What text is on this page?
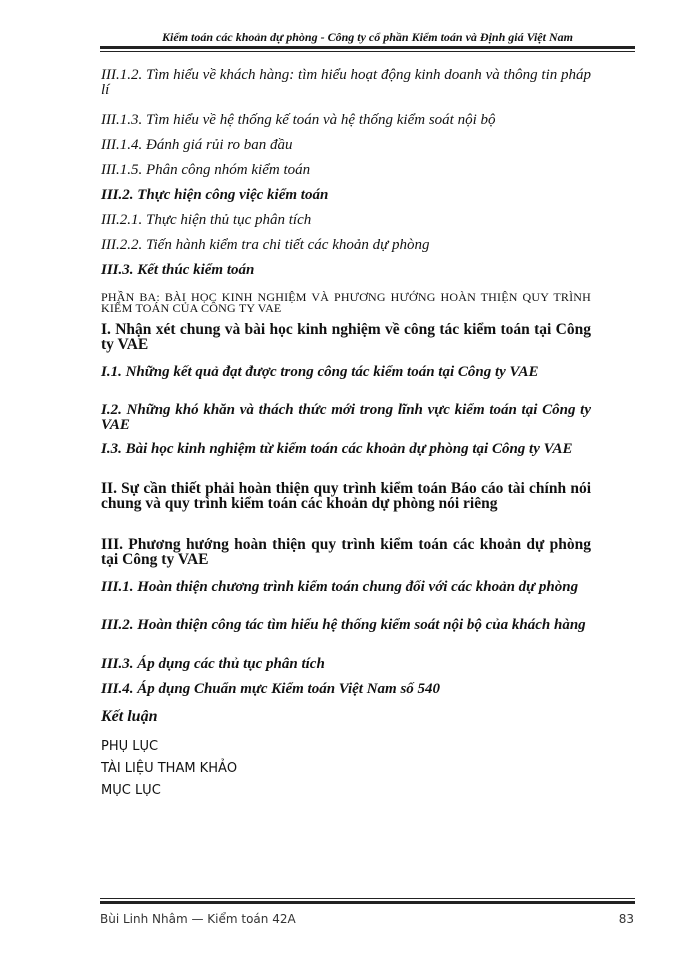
Kiểm toán các khoản dự phòng - Công ty cổ phần Kiểm toán và Định giá Việt Nam
III.1.2. Tìm hiểu về khách hàng: tìm hiểu hoạt động kinh doanh và thông tin pháp lí
III.1.3. Tìm hiểu về hệ thống kế toán và hệ thống kiểm soát nội bộ
III.1.4. Đánh giá rủi ro ban đầu
III.1.5. Phân công nhóm kiểm toán
III.2. Thực hiện công việc kiểm toán
III.2.1. Thực hiện thủ tục phân tích
III.2.2. Tiến hành kiểm tra chi tiết các khoản dự phòng
III.3. Kết thúc kiểm toán
PHẦN BA: BÀI HỌC KINH NGHIỆM VÀ PHƯƠNG HƯỚNG HOÀN THIỆN QUY TRÌNH KIỂM TOÁN CỦA CÔNG TY VAE
I. Nhận xét chung và bài học kinh nghiệm về công tác kiểm toán tại Công ty VAE
I.1. Những kết quả đạt được trong công tác kiểm toán tại Công ty VAE
I.2. Những khó khăn và thách thức mới trong lĩnh vực kiểm toán tại Công ty VAE
I.3. Bài học kinh nghiệm từ kiểm toán các khoản dự phòng tại Công ty VAE
II. Sự cần thiết phải hoàn thiện quy trình kiểm toán Báo cáo tài chính nói chung và quy trình kiểm toán các khoản dự phòng nói riêng
III. Phương hướng hoàn thiện quy trình kiểm toán các khoản dự phòng tại Công ty VAE
III.1. Hoàn thiện chương trình kiểm toán chung đối với các khoản dự phòng
III.2. Hoàn thiện công tác tìm hiểu hệ thống kiểm soát nội bộ của khách hàng
III.3. Áp dụng các thủ tục phân tích
III.4. Áp dụng Chuẩn mực Kiểm toán Việt Nam số 540
Kết luận
PHỤ LỤC
TÀI LIỆU THAM KHẢO
MỤC LỤC
Bùi Linh Nhâm — Kiểm toán 42A	83
